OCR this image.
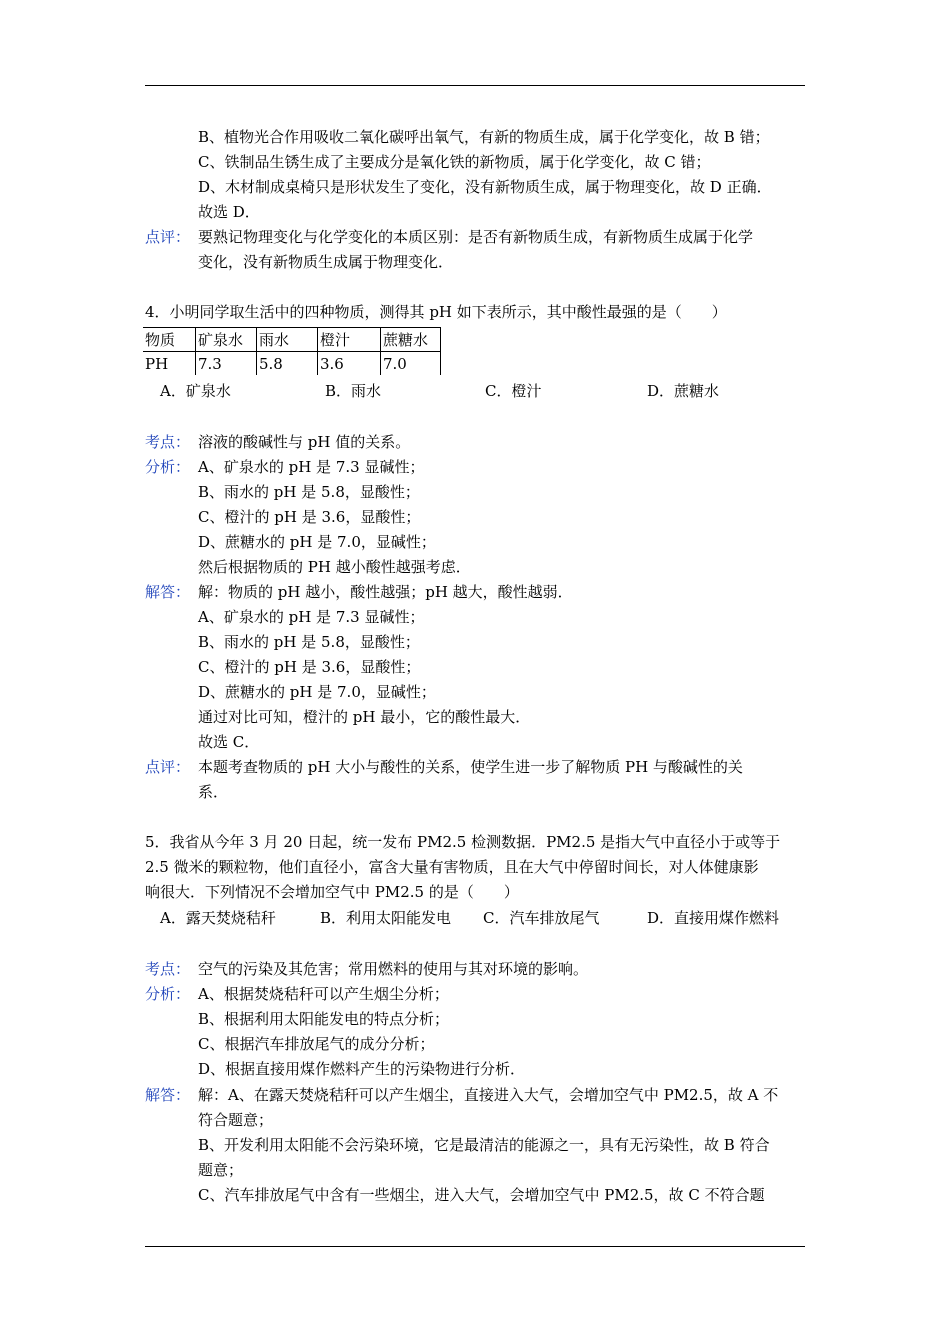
B、植物光合作用吸收二氧化碳呼出氧气，有新的物质生成，属于化学变化，故 B 错；
C、铁制品生锈生成了主要成分是氧化铁的新物质，属于化学变化，故 C 错；
D、木材制成桌椅只是形状发生了变化，没有新物质生成，属于物理变化，故 D 正确．
故选 D．
点评： 要熟记物理变化与化学变化的本质区别：是否有新物质生成，有新物质生成属于化学
变化，没有新物质生成属于物理变化．
4．小明同学取生活中的四种物质，测得其 pH 如下表所示，其中酸性最强的是（　　）
物质	矿泉水	雨水	橙汁	蔗糖水
PH	7.3	5.8	3.6	7.0
A．矿泉水	B．雨水	C．橙汁	D．蔗糖水
考点： 溶液的酸碱性与 pH 值的关系。
分析： A、矿泉水的 pH 是 7.3 显碱性；
B、雨水的 pH 是 5.8，显酸性；
C、橙汁的 pH 是 3.6，显酸性；
D、蔗糖水的 pH 是 7.0，显碱性；
然后根据物质的 PH 越小酸性越强考虑．
解答： 解：物质的 pH 越小，酸性越强；pH 越大，酸性越弱．
A、矿泉水的 pH 是 7.3 显碱性；
B、雨水的 pH 是 5.8，显酸性；
C、橙汁的 pH 是 3.6，显酸性；
D、蔗糖水的 pH 是 7.0，显碱性；
通过对比可知，橙汁的 pH 最小，它的酸性最大．
故选 C．
点评： 本题考查物质的 pH 大小与酸性的关系，使学生进一步了解物质 PH 与酸碱性的关
系．
5．我省从今年 3 月 20 日起，统一发布 PM2.5 检测数据．PM2.5 是指大气中直径小于或等于
2.5 微米的颗粒物，他们直径小，富含大量有害物质，且在大气中停留时间长，对人体健康影
响很大．下列情况不会增加空气中 PM2.5 的是（　　）
A．露天焚烧秸秆	B．利用太阳能发电 C．汽车排放尾气	D．直接用煤作燃料
考点： 空气的污染及其危害；常用燃料的使用与其对环境的影响。
分析： A、根据焚烧秸秆可以产生烟尘分析；
B、根据利用太阳能发电的特点分析；
C、根据汽车排放尾气的成分分析；
D、根据直接用煤作燃料产生的污染物进行分析．
解答： 解：A、在露天焚烧秸秆可以产生烟尘，直接进入大气，会增加空气中 PM2.5，故 A 不
符合题意；
B、开发利用太阳能不会污染环境，它是最清洁的能源之一，具有无污染性，故 B 符合
题意；
C、汽车排放尾气中含有一些烟尘，进入大气，会增加空气中 PM2.5，故 C 不符合题
